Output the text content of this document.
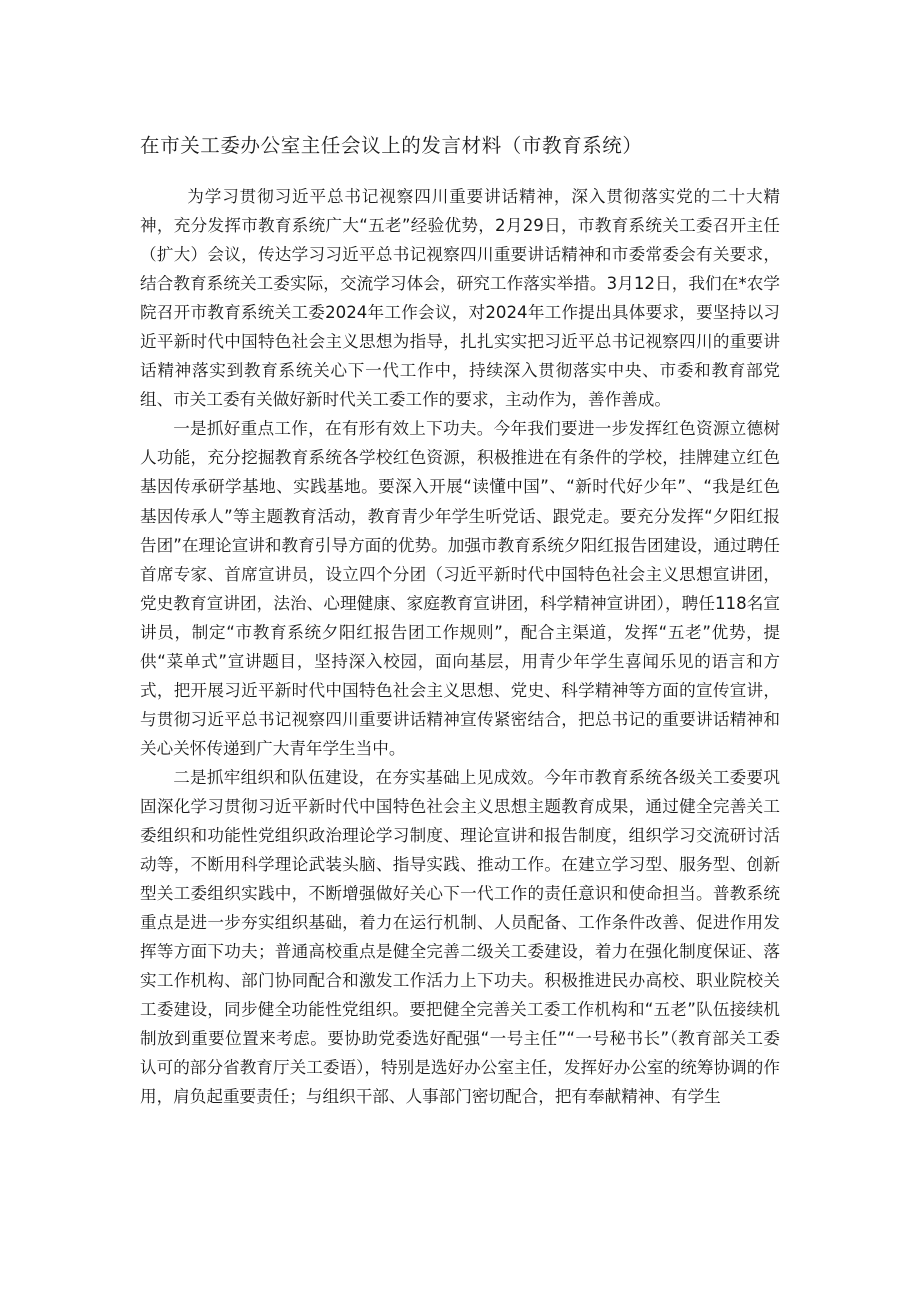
在市关工委办公室主任会议上的发言材料（市教育系统）

为学习贯彻习近平总书记视察四川重要讲话精神，深入贯彻落实党的二十大精神，充分发挥市教育系统广大“五老”经验优势，2月29日，市教育系统关工委召开主任（扩大）会议，传达学习习近平总书记视察四川重要讲话精神和市委常委会有关要求，结合教育系统关工委实际，交流学习体会，研究工作落实举措。3月12日，我们在*农学院召开市教育系统关工委2024年工作会议，对2024年工作提出具体要求，要坚持以习近平新时代中国特色社会主义思想为指导，扎扎实实把习近平总书记视察四川的重要讲话精神落实到教育系统关心下一代工作中，持续深入贯彻落实中央、市委和教育部党组、市关工委有关做好新时代关工委工作的要求，主动作为，善作善成。

一是抓好重点工作，在有形有效上下功夫。今年我们要进一步发挥红色资源立德树人功能，充分挖掘教育系统各学校红色资源，积极推进在有条件的学校，挂牌建立红色基因传承研学基地、实践基地。要深入开展“读懂中国”、“新时代好少年”、“我是红色基因传承人”等主题教育活动，教育青少年学生听党话、跟党走。要充分发挥“夕阳红报告团”在理论宣讲和教育引导方面的优势。加强市教育系统夕阳红报告团建设，通过聘任首席专家、首席宣讲员，设立四个分团（习近平新时代中国特色社会主义思想宣讲团，党史教育宣讲团，法治、心理健康、家庭教育宣讲团，科学精神宣讲团），聘任118名宣讲员，制定“市教育系统夕阳红报告团工作规则”，配合主渠道，发挥“五老”优势，提供“菜单式”宣讲题目，坚持深入校园，面向基层，用青少年学生喜闻乐见的语言和方式，把开展习近平新时代中国特色社会主义思想、党史、科学精神等方面的宣传宣讲，与贯彻习近平总书记视察四川重要讲话精神宣传紧密结合，把总书记的重要讲话精神和关心关怀传递到广大青年学生当中。

二是抓牢组织和队伍建设，在夯实基础上见成效。今年市教育系统各级关工委要巩固深化学习贯彻习近平新时代中国特色社会主义思想主题教育成果，通过健全完善关工委组织和功能性党组织政治理论学习制度、理论宣讲和报告制度，组织学习交流研讨活动等，不断用科学理论武装头脑、指导实践、推动工作。在建立学习型、服务型、创新型关工委组织实践中，不断增强做好关心下一代工作的责任意识和使命担当。普教系统重点是进一步夯实组织基础，着力在运行机制、人员配备、工作条件改善、促进作用发挥等方面下功夫；普通高校重点是健全完善二级关工委建设，着力在强化制度保证、落实工作机构、部门协同配合和激发工作活力上下功夫。积极推进民办高校、职业院校关工委建设，同步健全功能性党组织。要把健全完善关工委工作机构和“五老”队伍接续机制放到重要位置来考虑。要协助党委选好配强“一号主任”“一号秘书长”（教育部关工委认可的部分省教育厅关工委语），特别是选好办公室主任，发挥好办公室的统筹协调的作用，肩负起重要责任；与组织干部、人事部门密切配合，把有奉献精神、有学生
